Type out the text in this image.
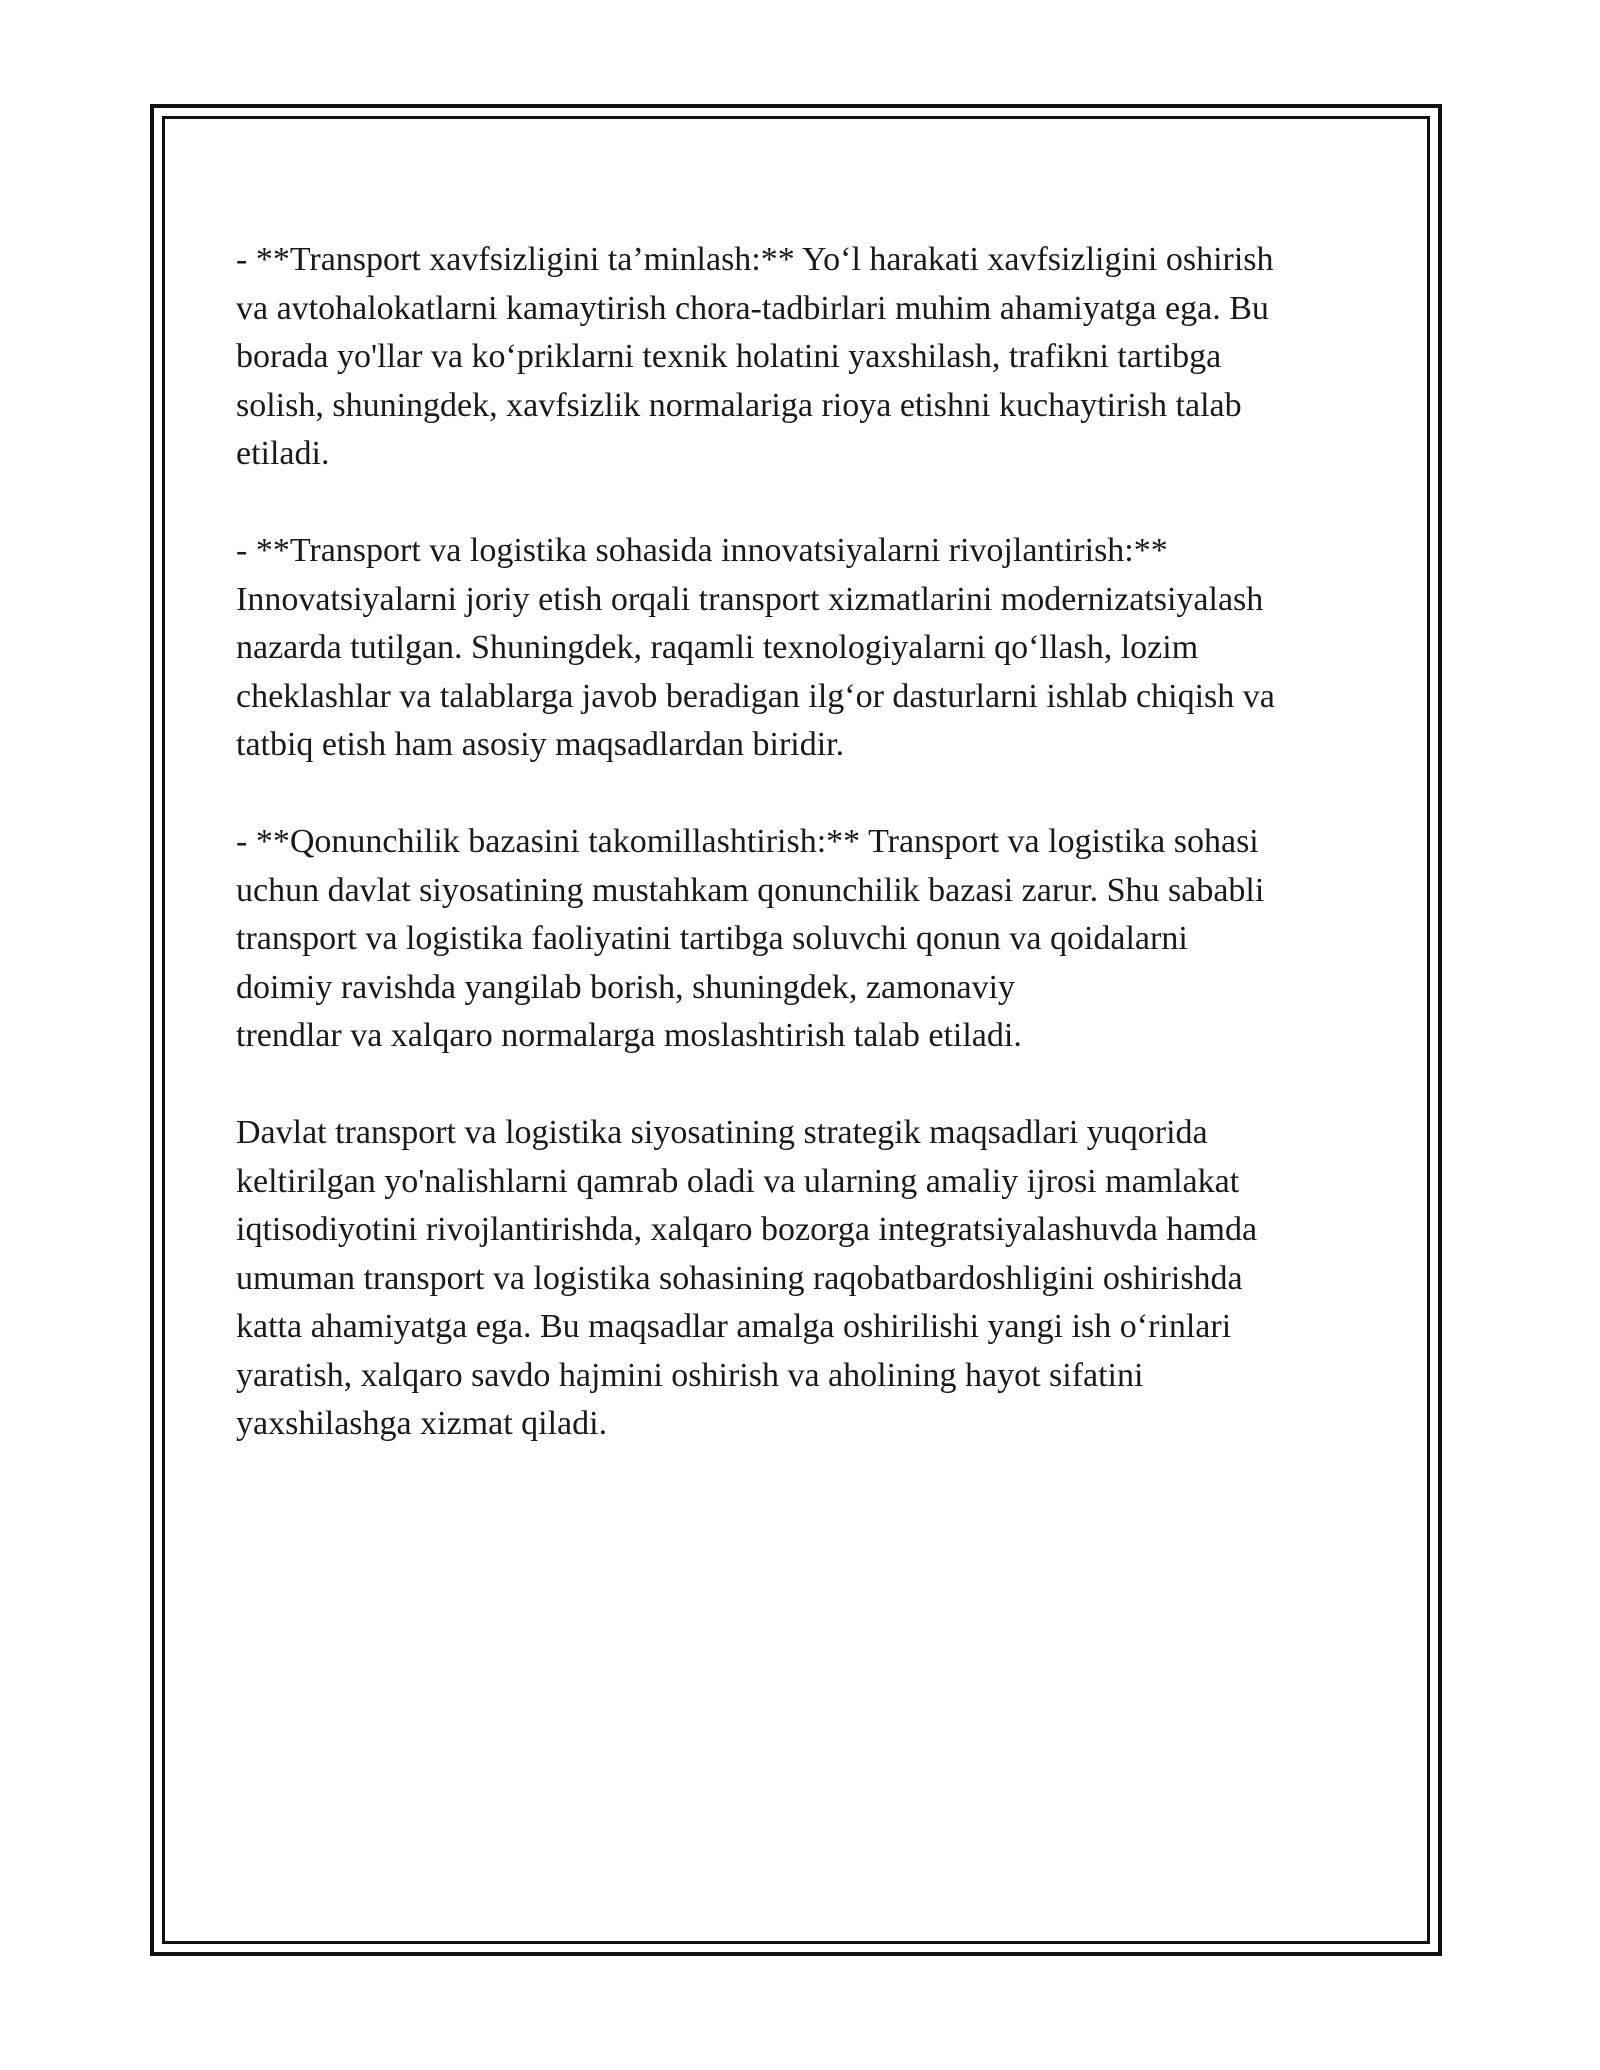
- **Transport xavfsizligini ta’minlash:** Yo‘l harakati xavfsizligini oshirish
va avtohalokatlarni kamaytirish chora-tadbirlari muhim ahamiyatga ega. Bu
borada yo'llar va ko‘priklarni texnik holatini yaxshilash, trafikni tartibga
solish, shuningdek, xavfsizlik normalariga rioya etishni kuchaytirish talab
etiladi.

- **Transport va logistika sohasida innovatsiyalarni rivojlantirish:**
Innovatsiyalarni joriy etish orqali transport xizmatlarini modernizatsiyalash
nazarda tutilgan. Shuningdek, raqamli texnologiyalarni qo‘llash, lozim
cheklashlar va talablarga javob beradigan ilg‘or dasturlarni ishlab chiqish va
tatbiq etish ham asosiy maqsadlardan biridir.

- **Qonunchilik bazasini takomillashtirish:** Transport va logistika sohasi
uchun davlat siyosatining mustahkam qonunchilik bazasi zarur. Shu sababli
transport va logistika faoliyatini tartibga soluvchi qonun va qoidalarni
doimiy ravishda yangilab borish, shuningdek, zamonaviy
trendlar va xalqaro normalarga moslashtirish talab etiladi.

Davlat transport va logistika siyosatining strategik maqsadlari yuqorida
keltirilgan yo'nalishlarni qamrab oladi va ularning amaliy ijrosi mamlakat
iqtisodiyotini rivojlantirishda, xalqaro bozorga integratsiyalashuvda hamda
umuman transport va logistika sohasining raqobatbardoshligini oshirishda
katta ahamiyatga ega. Bu maqsadlar amalga oshirilishi yangi ish o‘rinlari
yaratish, xalqaro savdo hajmini oshirish va aholining hayot sifatini
yaxshilashga xizmat qiladi.
